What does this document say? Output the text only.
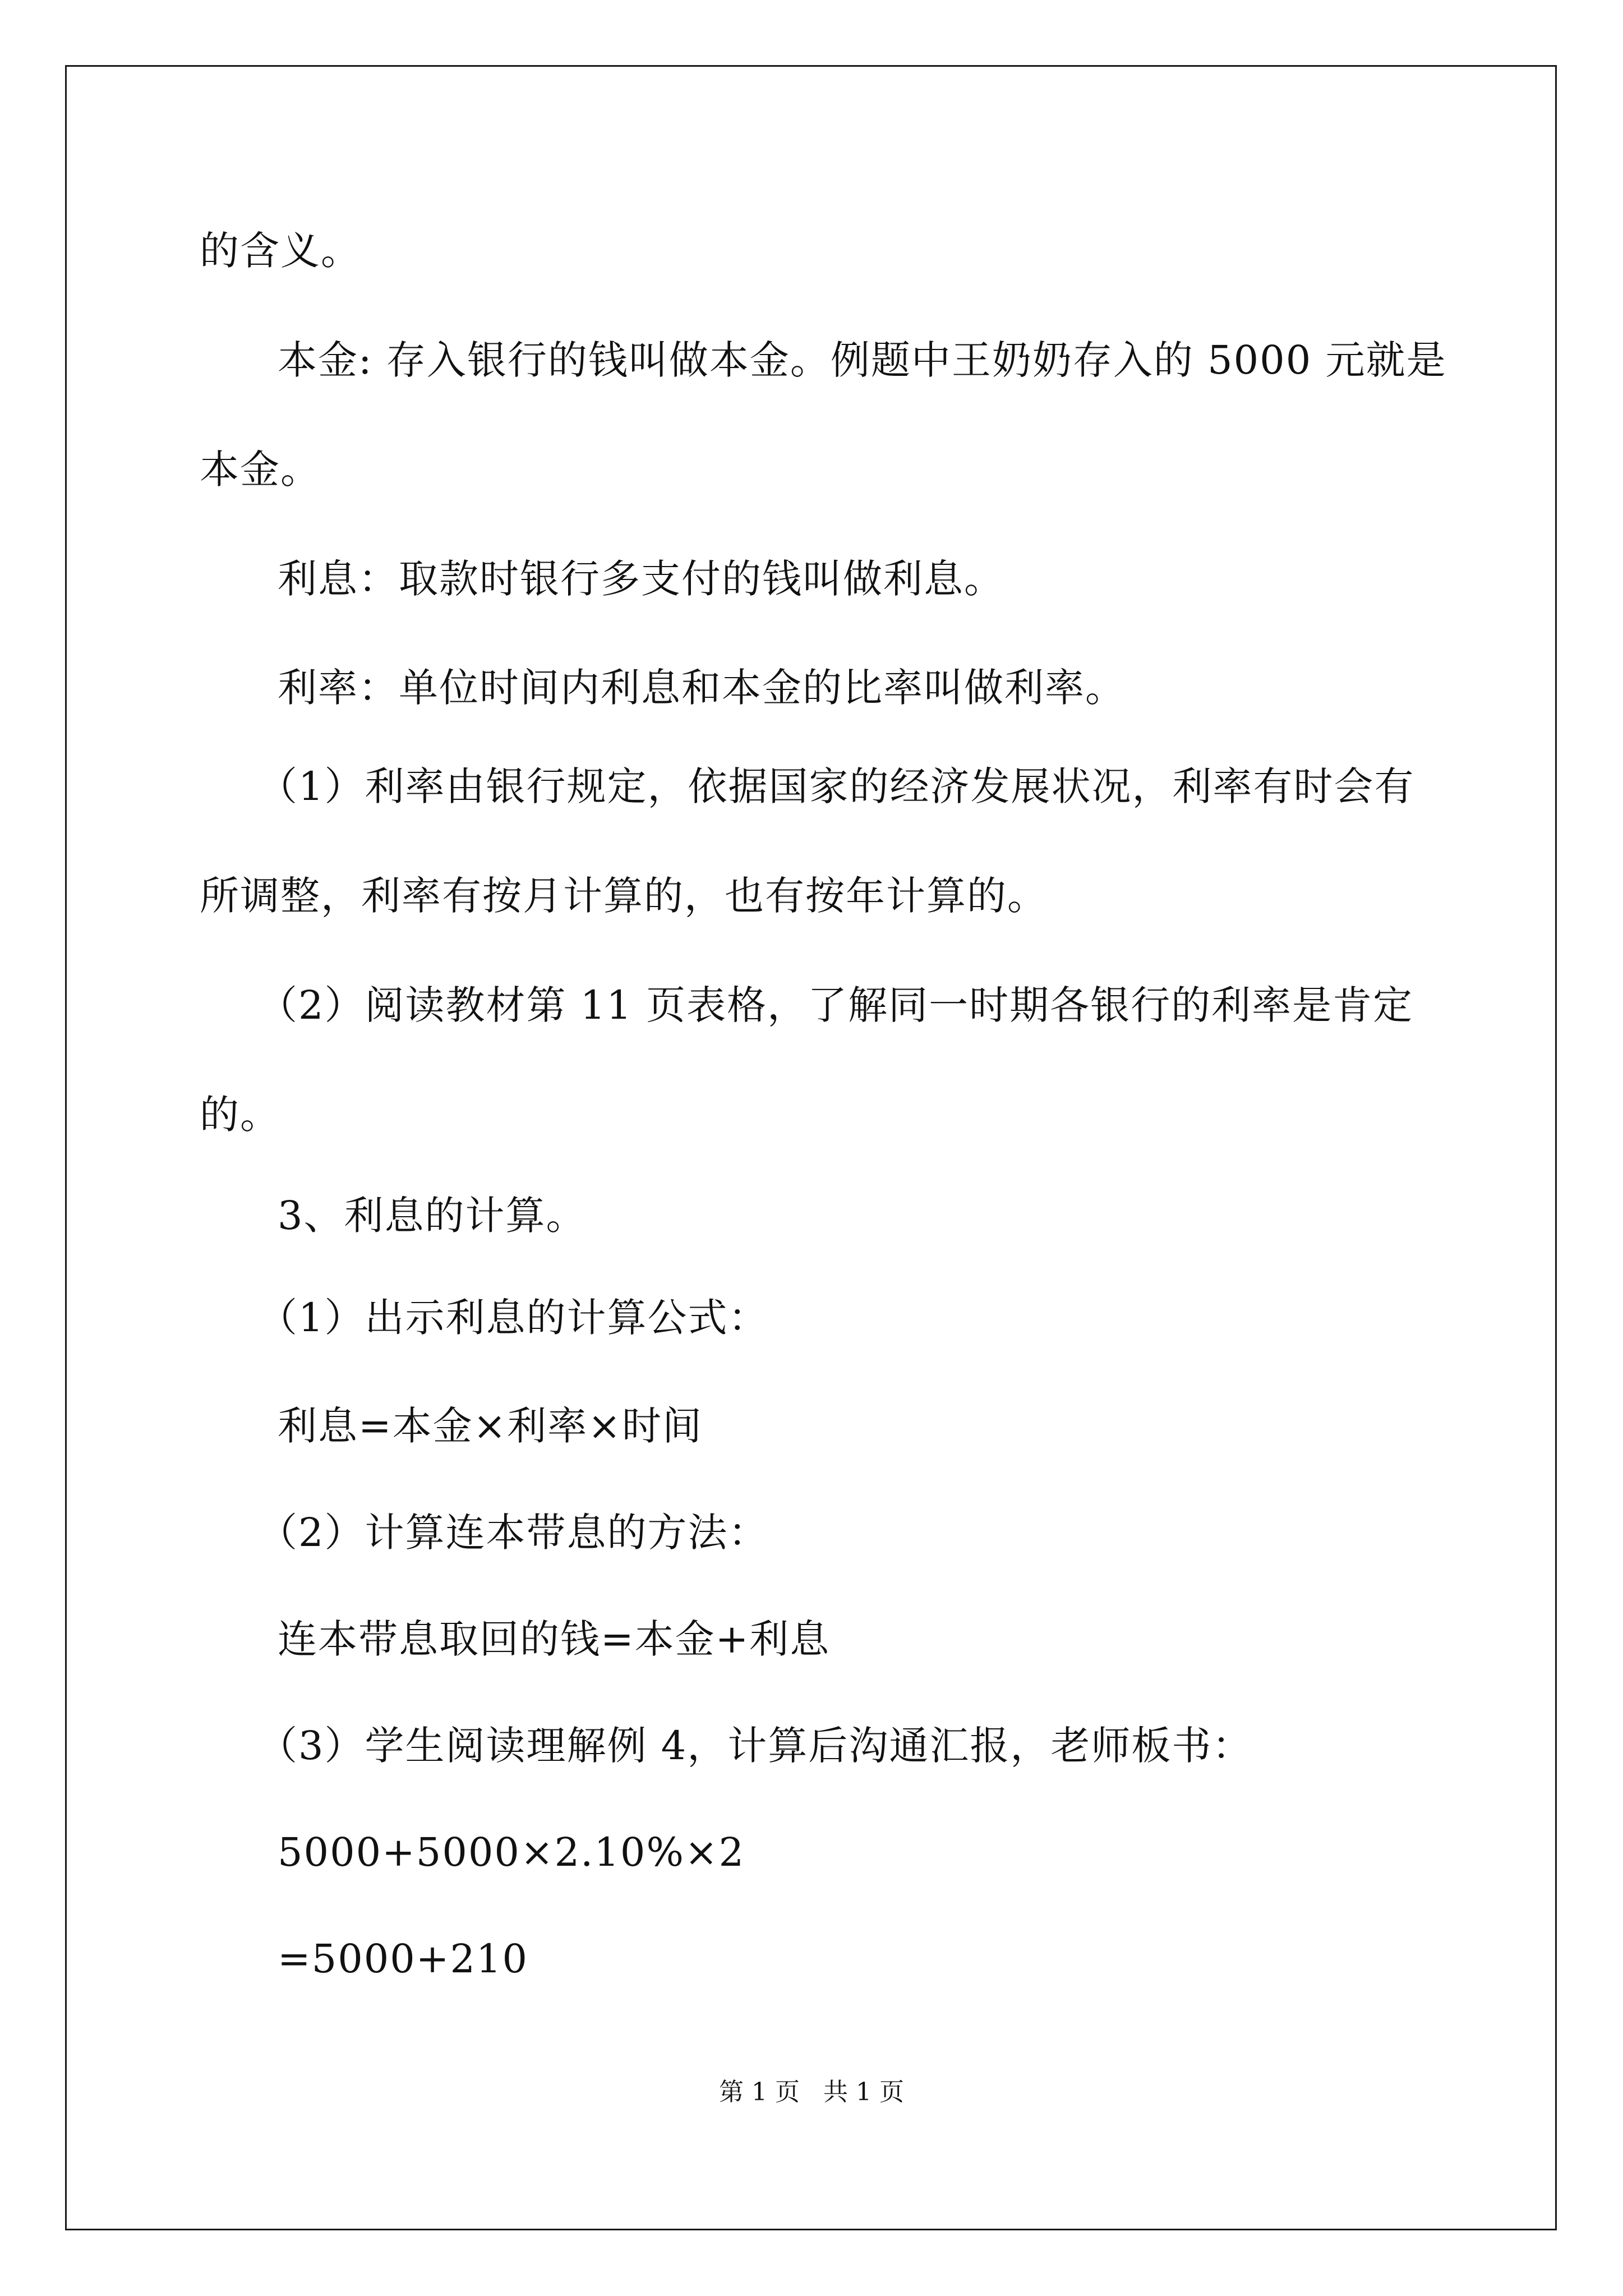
的含义。
本金: 存入银行的钱叫做本金。例题中王奶奶存入的 5000 元就是
本金。
利息：取款时银行多支付的钱叫做利息。
利率：单位时间内利息和本金的比率叫做利率。
（1）利率由银行规定，依据国家的经济发展状况，利率有时会有
所调整，利率有按月计算的，也有按年计算的。
（2）阅读教材第 11 页表格，了解同一时期各银行的利率是肯定
的。
3、利息的计算。
（1）出示利息的计算公式：
利息=本金×利率×时间
（2）计算连本带息的方法：
连本带息取回的钱=本金+利息
（3）学生阅读理解例 4，计算后沟通汇报，老师板书：
5000+5000×2.10%×2
=5000+210
第 1 页   共 1 页
